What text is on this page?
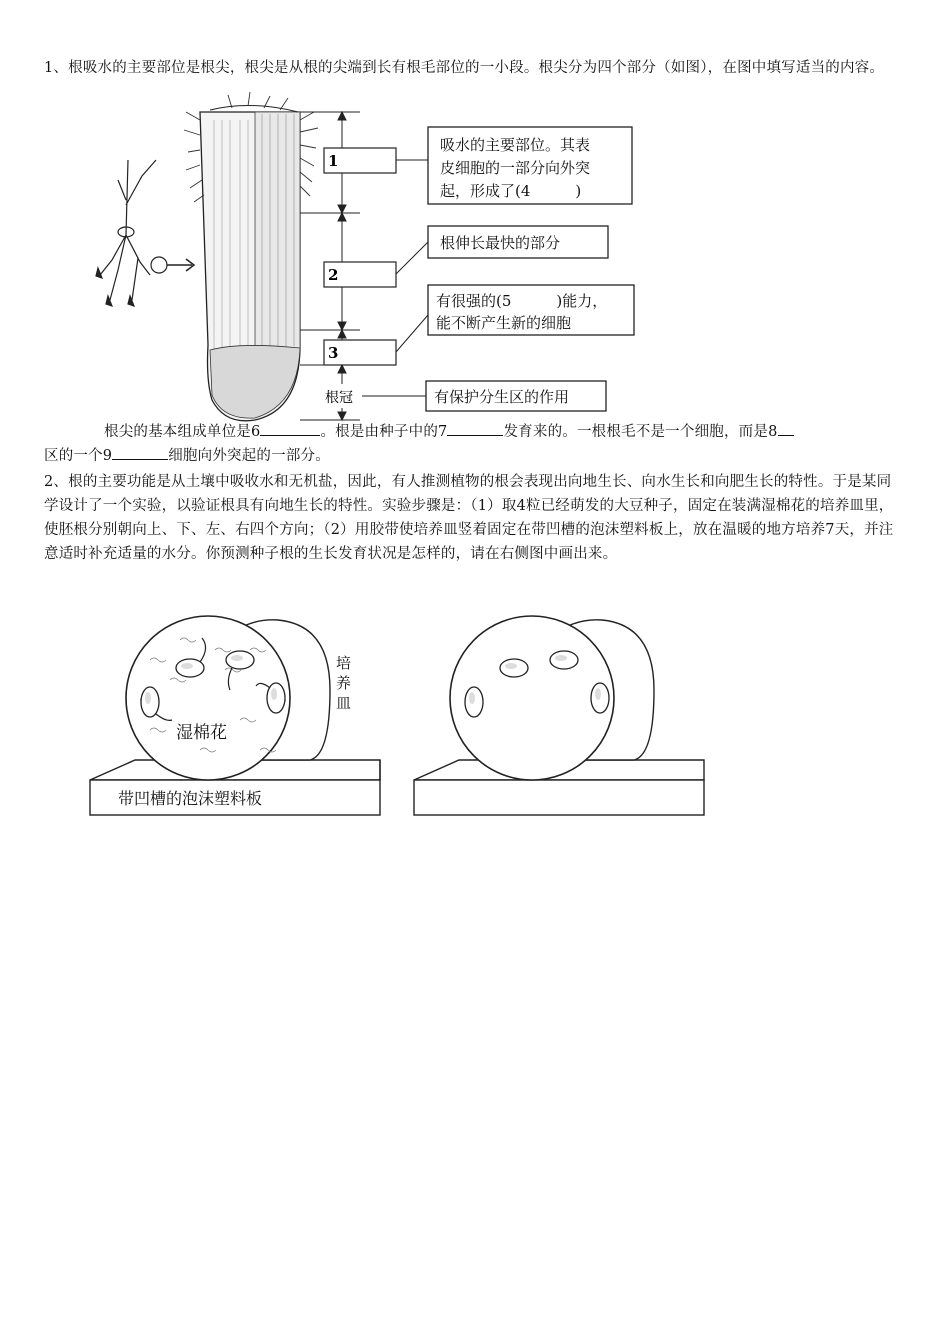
1、根吸水的主要部位是根尖，根尖是从根的尖端到长有根毛部位的一小段。根尖分为四个部分（如图），在图中填写适当的内容。
1
2
3
根冠
吸水的主要部位。其表
皮细胞的一部分向外突
起，形成了(4　　　)
根伸长最快的部分
有很强的(5　　　)能力，
能不断产生新的细胞
有保护分生区的作用
根尖的基本组成单位是6	。根是由种子中的7	发育来的。一根根毛不是一个细胞，而是8
区的一个9	细胞向外突起的一部分。
2、根的主要功能是从土壤中吸收水和无机盐，因此，有人推测植物的根会表现出向地生长、向水生长和向肥生长的特性。于是某同学设计了一个实验，以验证根具有向地生长的特性。实验步骤是：（1）取4粒已经萌发的大豆种子，固定在装满湿棉花的培养皿里，使胚根分别朝向上、下、左、右四个方向；（2）用胶带使培养皿竖着固定在带凹槽的泡沫塑料板上，放在温暖的地方培养7天，并注意适时补充适量的水分。你预测种子根的生长发育状况是怎样的，请在右侧图中画出来。
湿棉花
培
养
皿
带凹槽的泡沫塑料板
